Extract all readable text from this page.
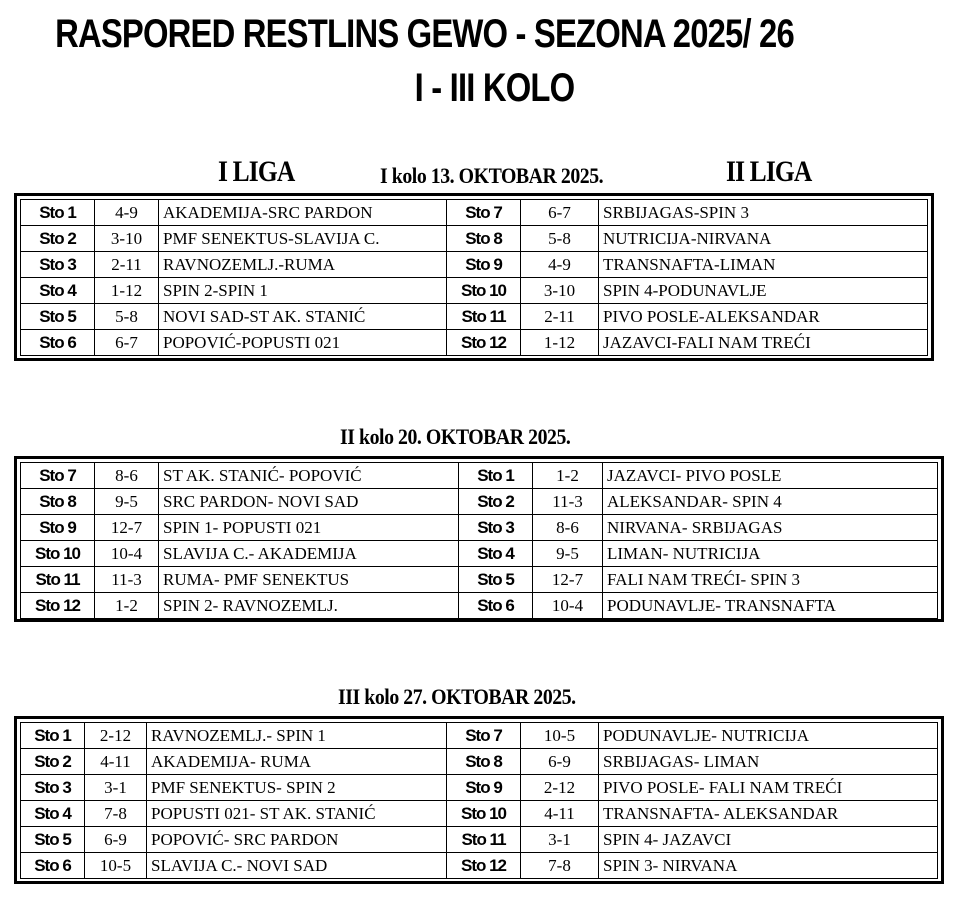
RASPORED RESTLINS GEWO - SEZONA 2025/ 26
I - III KOLO
I LIGA	I kolo 13. OKTOBAR 2025.	II LIGA
Sto 1	4-9	AKADEMIJA-SRC PARDON	Sto 7	6-7	SRBIJAGAS-SPIN 3
Sto 2	3-10	PMF SENEKTUS-SLAVIJA C.	Sto 8	5-8	NUTRICIJA-NIRVANA
Sto 3	2-11	RAVNOZEMLJ.-RUMA	Sto 9	4-9	TRANSNAFTA-LIMAN
Sto 4	1-12	SPIN 2-SPIN 1	Sto 10	3-10	SPIN 4-PODUNAVLJE
Sto 5	5-8	NOVI SAD-ST AK. STANIĆ	Sto 11	2-11	PIVO POSLE-ALEKSANDAR
Sto 6	6-7	POPOVIĆ-POPUSTI 021	Sto 12	1-12	JAZAVCI-FALI NAM TREĆI
II kolo 20. OKTOBAR 2025.
Sto 7	8-6	ST AK. STANIĆ- POPOVIĆ	Sto 1	1-2	JAZAVCI- PIVO POSLE
Sto 8	9-5	SRC PARDON- NOVI SAD	Sto 2	11-3	ALEKSANDAR- SPIN 4
Sto 9	12-7	SPIN 1- POPUSTI 021	Sto 3	8-6	NIRVANA- SRBIJAGAS
Sto 10	10-4	SLAVIJA C.- AKADEMIJA	Sto 4	9-5	LIMAN- NUTRICIJA
Sto 11	11-3	RUMA- PMF SENEKTUS	Sto 5	12-7	FALI NAM TREĆI- SPIN 3
Sto 12	1-2	SPIN 2- RAVNOZEMLJ.	Sto 6	10-4	PODUNAVLJE- TRANSNAFTA
III kolo 27. OKTOBAR 2025.
Sto 1	2-12	RAVNOZEMLJ.- SPIN 1	Sto 7	10-5	PODUNAVLJE- NUTRICIJA
Sto 2	4-11	AKADEMIJA- RUMA	Sto 8	6-9	SRBIJAGAS- LIMAN
Sto 3	3-1	PMF SENEKTUS- SPIN 2	Sto 9	2-12	PIVO POSLE- FALI NAM TREĆI
Sto 4	7-8	POPUSTI 021- ST AK. STANIĆ	Sto 10	4-11	TRANSNAFTA- ALEKSANDAR
Sto 5	6-9	POPOVIĆ- SRC PARDON	Sto 11	3-1	SPIN 4- JAZAVCI
Sto 6	10-5	SLAVIJA C.- NOVI SAD	Sto 12	7-8	SPIN 3- NIRVANA
